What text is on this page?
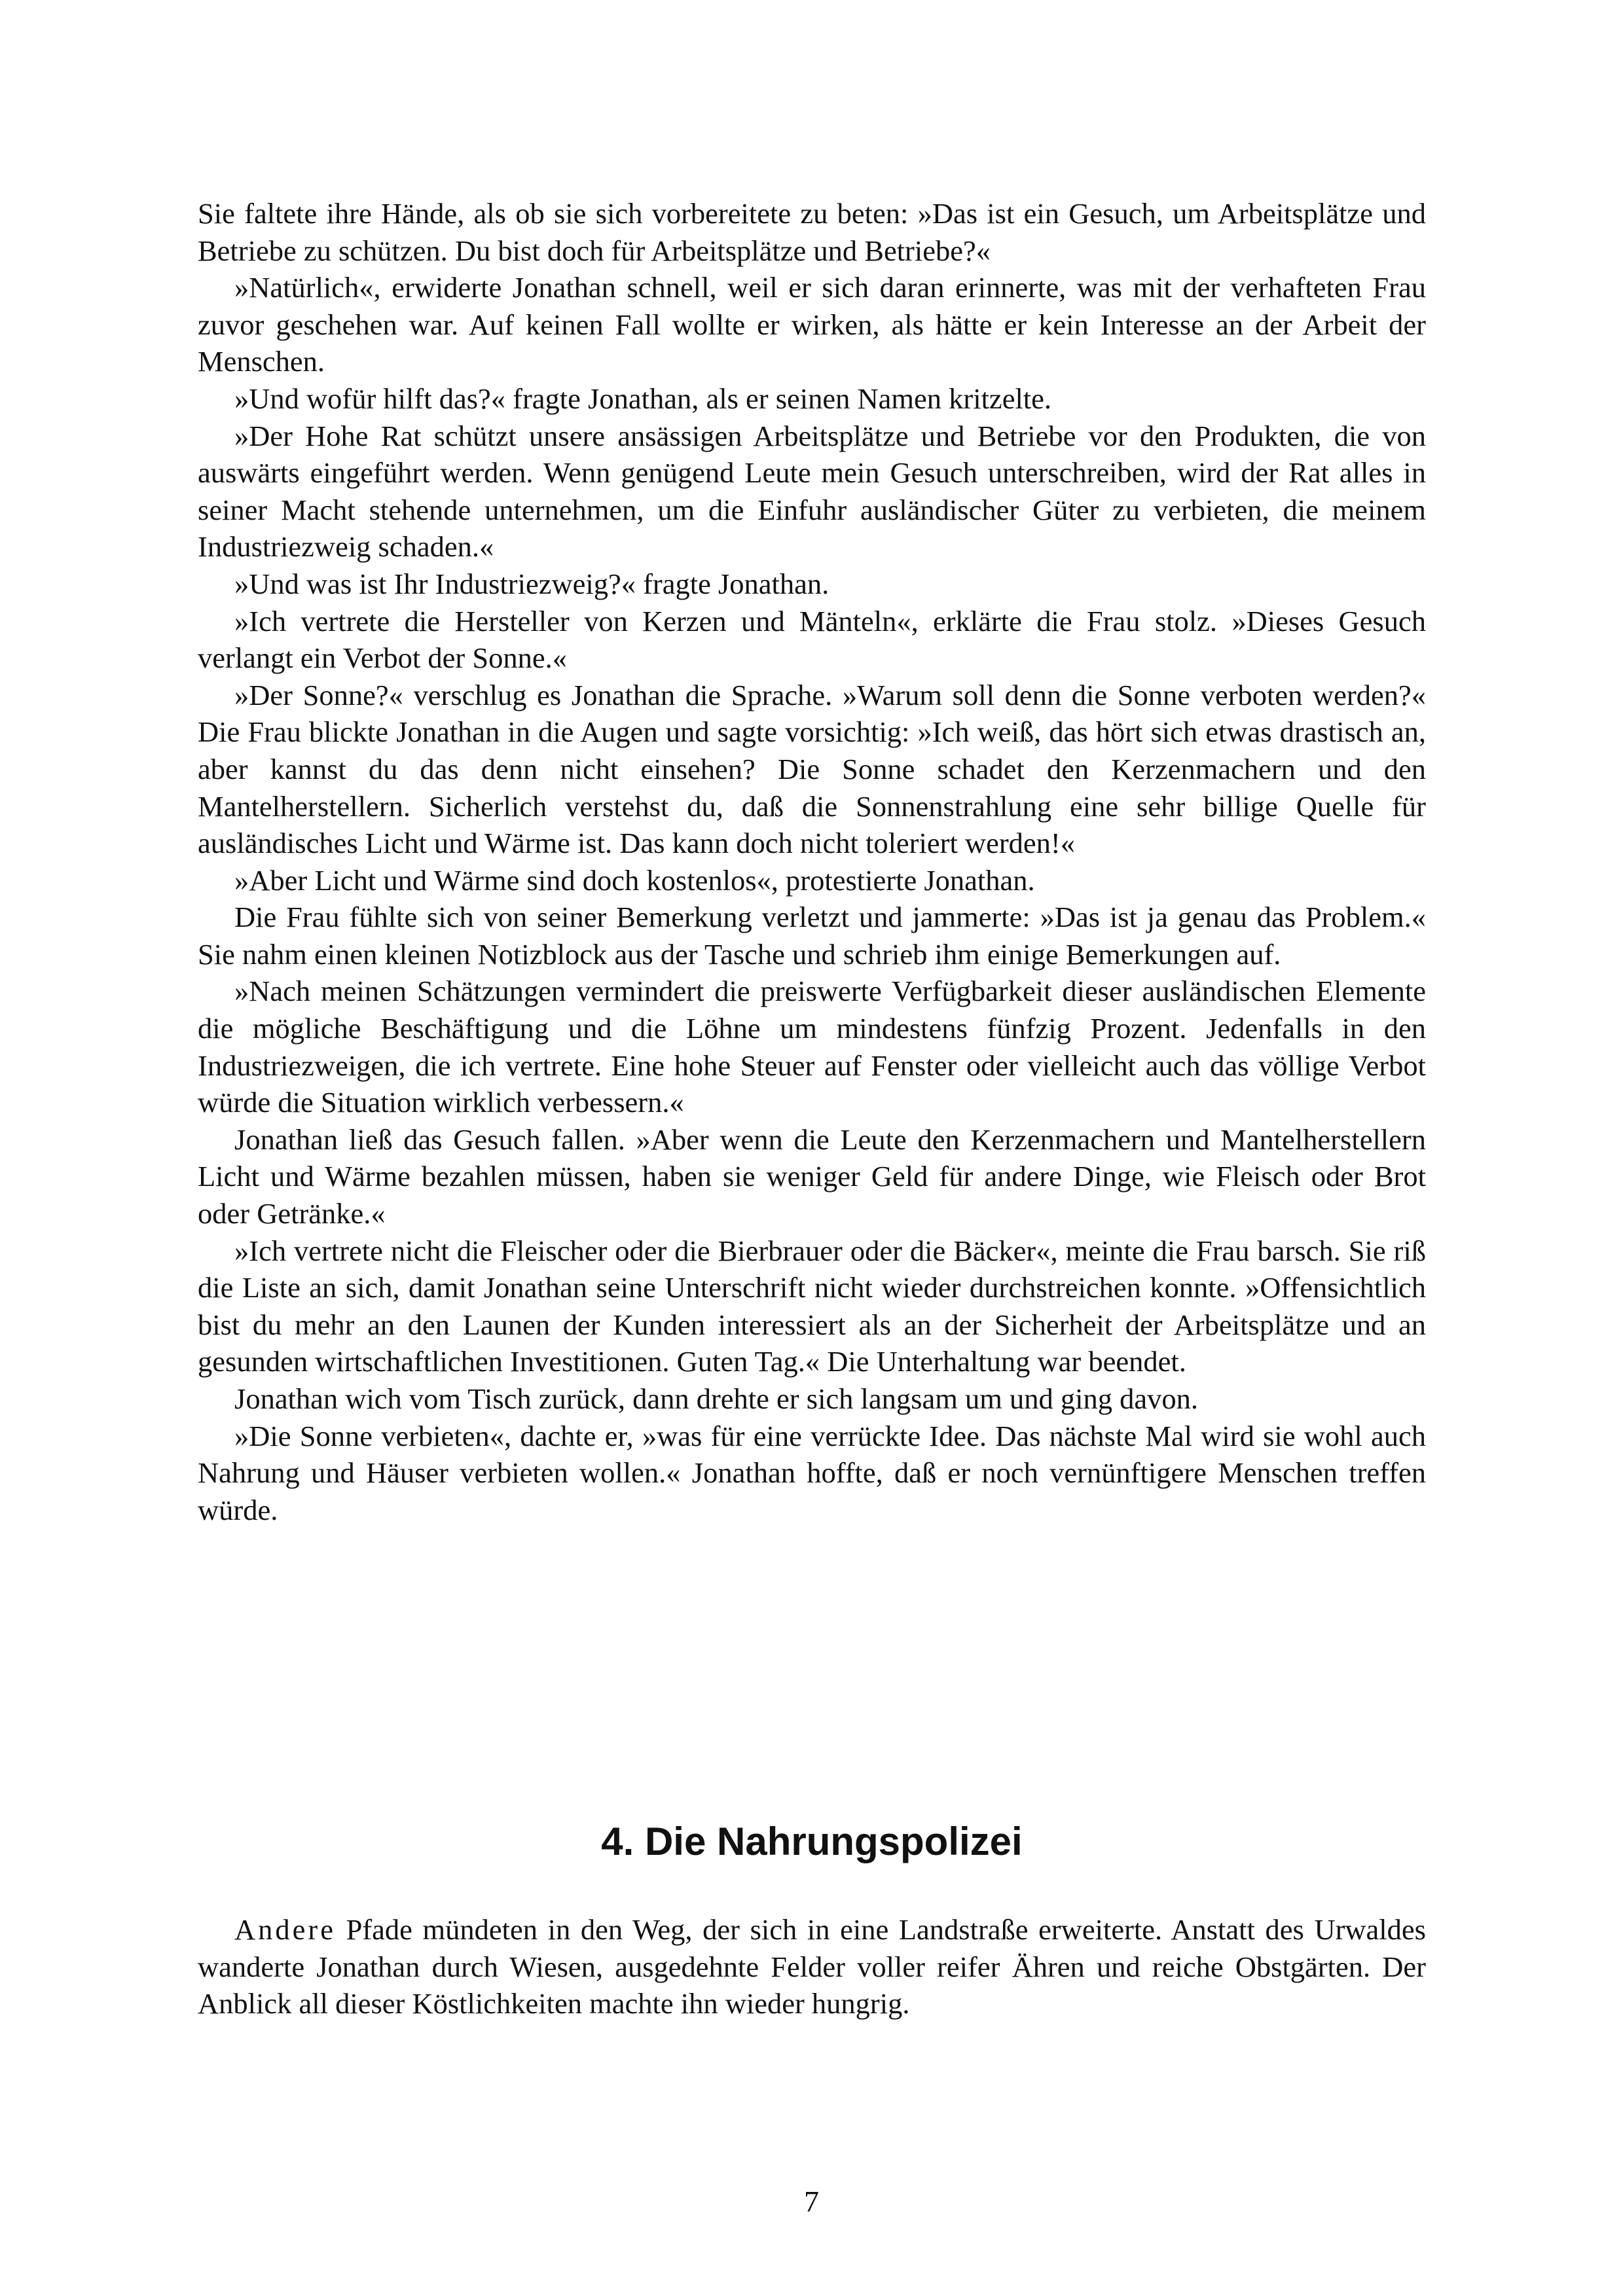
Sie faltete ihre Hände, als ob sie sich vorbereitete zu beten: »Das ist ein Gesuch, um Arbeitsplätze und Betriebe zu schützen. Du bist doch für Arbeitsplätze und Betriebe?«

»Natürlich«, erwiderte Jonathan schnell, weil er sich daran erinnerte, was mit der verhafteten Frau zuvor geschehen war. Auf keinen Fall wollte er wirken, als hätte er kein Interesse an der Arbeit der Menschen.

»Und wofür hilft das?« fragte Jonathan, als er seinen Namen kritzelte.

»Der Hohe Rat schützt unsere ansässigen Arbeitsplätze und Betriebe vor den Produkten, die von auswärts eingeführt werden. Wenn genügend Leute mein Gesuch unterschreiben, wird der Rat alles in seiner Macht stehende unternehmen, um die Einfuhr ausländischer Güter zu verbieten, die meinem Industriezweig schaden.«

»Und was ist Ihr Industriezweig?« fragte Jonathan.

»Ich vertrete die Hersteller von Kerzen und Mänteln«, erklärte die Frau stolz. »Dieses Gesuch verlangt ein Verbot der Sonne.«

»Der Sonne?« verschlug es Jonathan die Sprache. »Warum soll denn die Sonne verboten werden?« Die Frau blickte Jonathan in die Augen und sagte vorsichtig: »Ich weiß, das hört sich etwas drastisch an, aber kannst du das denn nicht einsehen? Die Sonne schadet den Kerzenmachern und den Mantelherstellern. Sicherlich verstehst du, daß die Sonnenstrahlung eine sehr billige Quelle für ausländisches Licht und Wärme ist. Das kann doch nicht toleriert werden!«

»Aber Licht und Wärme sind doch kostenlos«, protestierte Jonathan.

Die Frau fühlte sich von seiner Bemerkung verletzt und jammerte: »Das ist ja genau das Problem.« Sie nahm einen kleinen Notizblock aus der Tasche und schrieb ihm einige Bemerkungen auf.

»Nach meinen Schätzungen vermindert die preiswerte Verfügbarkeit dieser ausländischen Elemente die mögliche Beschäftigung und die Löhne um mindestens fünfzig Prozent. Jedenfalls in den Industriezweigen, die ich vertrete. Eine hohe Steuer auf Fenster oder vielleicht auch das völlige Verbot würde die Situation wirklich verbessern.«

Jonathan ließ das Gesuch fallen. »Aber wenn die Leute den Kerzenmachern und Mantelherstellern Licht und Wärme bezahlen müssen, haben sie weniger Geld für andere Dinge, wie Fleisch oder Brot oder Getränke.«

»Ich vertrete nicht die Fleischer oder die Bierbrauer oder die Bäcker«, meinte die Frau barsch. Sie riß die Liste an sich, damit Jonathan seine Unterschrift nicht wieder durchstreichen konnte. »Offensichtlich bist du mehr an den Launen der Kunden interessiert als an der Sicherheit der Arbeitsplätze und an gesunden wirtschaftlichen Investitionen. Guten Tag.« Die Unterhaltung war beendet.

Jonathan wich vom Tisch zurück, dann drehte er sich langsam um und ging davon.

»Die Sonne verbieten«, dachte er, »was für eine verrückte Idee. Das nächste Mal wird sie wohl auch Nahrung und Häuser verbieten wollen.« Jonathan hoffte, daß er noch vernünftigere Menschen treffen würde.

4. Die Nahrungspolizei

Andere Pfade mündeten in den Weg, der sich in eine Landstraße erweiterte. Anstatt des Urwaldes wanderte Jonathan durch Wiesen, ausgedehnte Felder voller reifer Ähren und reiche Obstgärten. Der Anblick all dieser Köstlichkeiten machte ihn wieder hungrig.

7
